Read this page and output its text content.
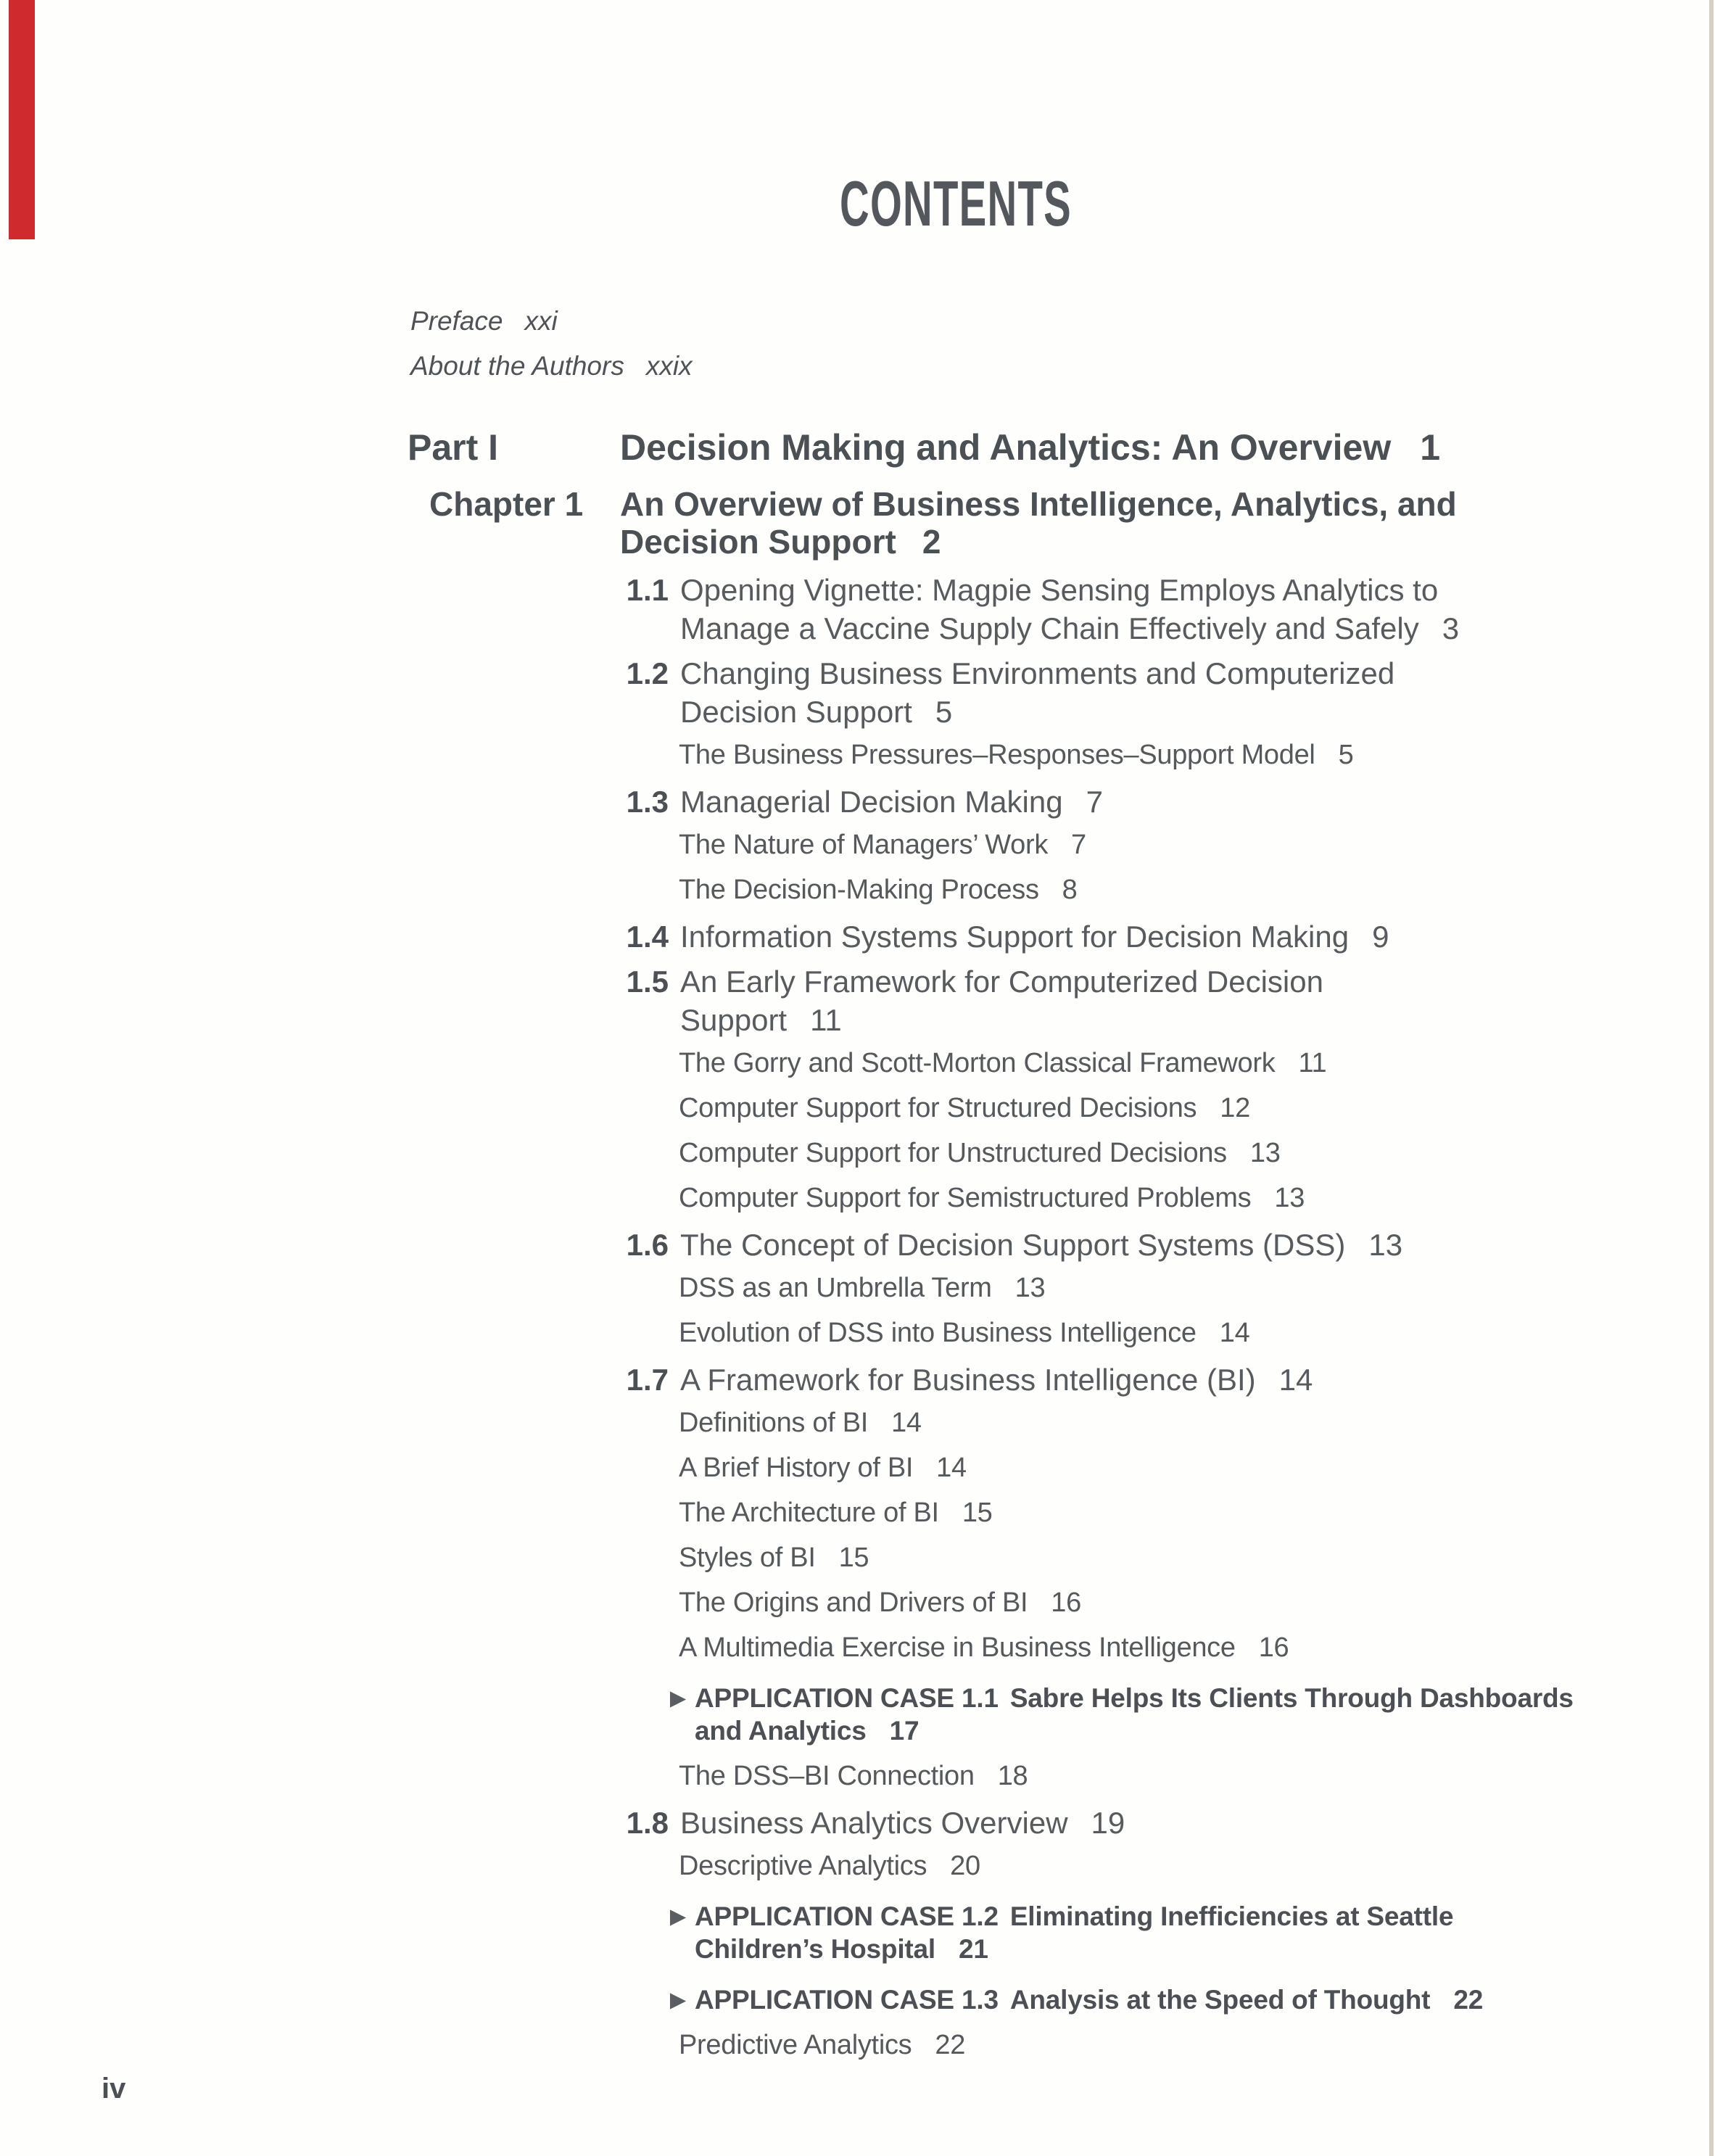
CONTENTS
Preface xxi
About the Authors xxix
Part I	Decision Making and Analytics: An Overview 1
Chapter 1 An Overview of Business Intelligence, Analytics, and
Decision Support 2
1.1 Opening Vignette: Magpie Sensing Employs Analytics to
Manage a Vaccine Supply Chain Effectively and Safely 3
1.2 Changing Business Environments and Computerized
Decision Support 5
The Business Pressures–Responses–Support Model 5
1.3 Managerial Decision Making 7
The Nature of Managers’ Work 7
The Decision-Making Process 8
1.4 Information Systems Support for Decision Making 9
1.5 An Early Framework for Computerized Decision
Support 11
The Gorry and Scott-Morton Classical Framework 11
Computer Support for Structured Decisions 12
Computer Support for Unstructured Decisions 13
Computer Support for Semistructured Problems 13
1.6 The Concept of Decision Support Systems (DSS) 13
DSS as an Umbrella Term 13
Evolution of DSS into Business Intelligence 14
1.7 A Framework for Business Intelligence (BI) 14
Definitions of BI 14
A Brief History of BI 14
The Architecture of BI 15
Styles of BI 15
The Origins and Drivers of BI 16
A Multimedia Exercise in Business Intelligence 16
▶ APPLICATION CASE 1.1 Sabre Helps Its Clients Through Dashboards
and Analytics 17
The DSS–BI Connection 18
1.8 Business Analytics Overview 19
Descriptive Analytics 20
▶ APPLICATION CASE 1.2 Eliminating Inefficiencies at Seattle
Children’s Hospital 21
▶ APPLICATION CASE 1.3 Analysis at the Speed of Thought 22
Predictive Analytics 22
iv
